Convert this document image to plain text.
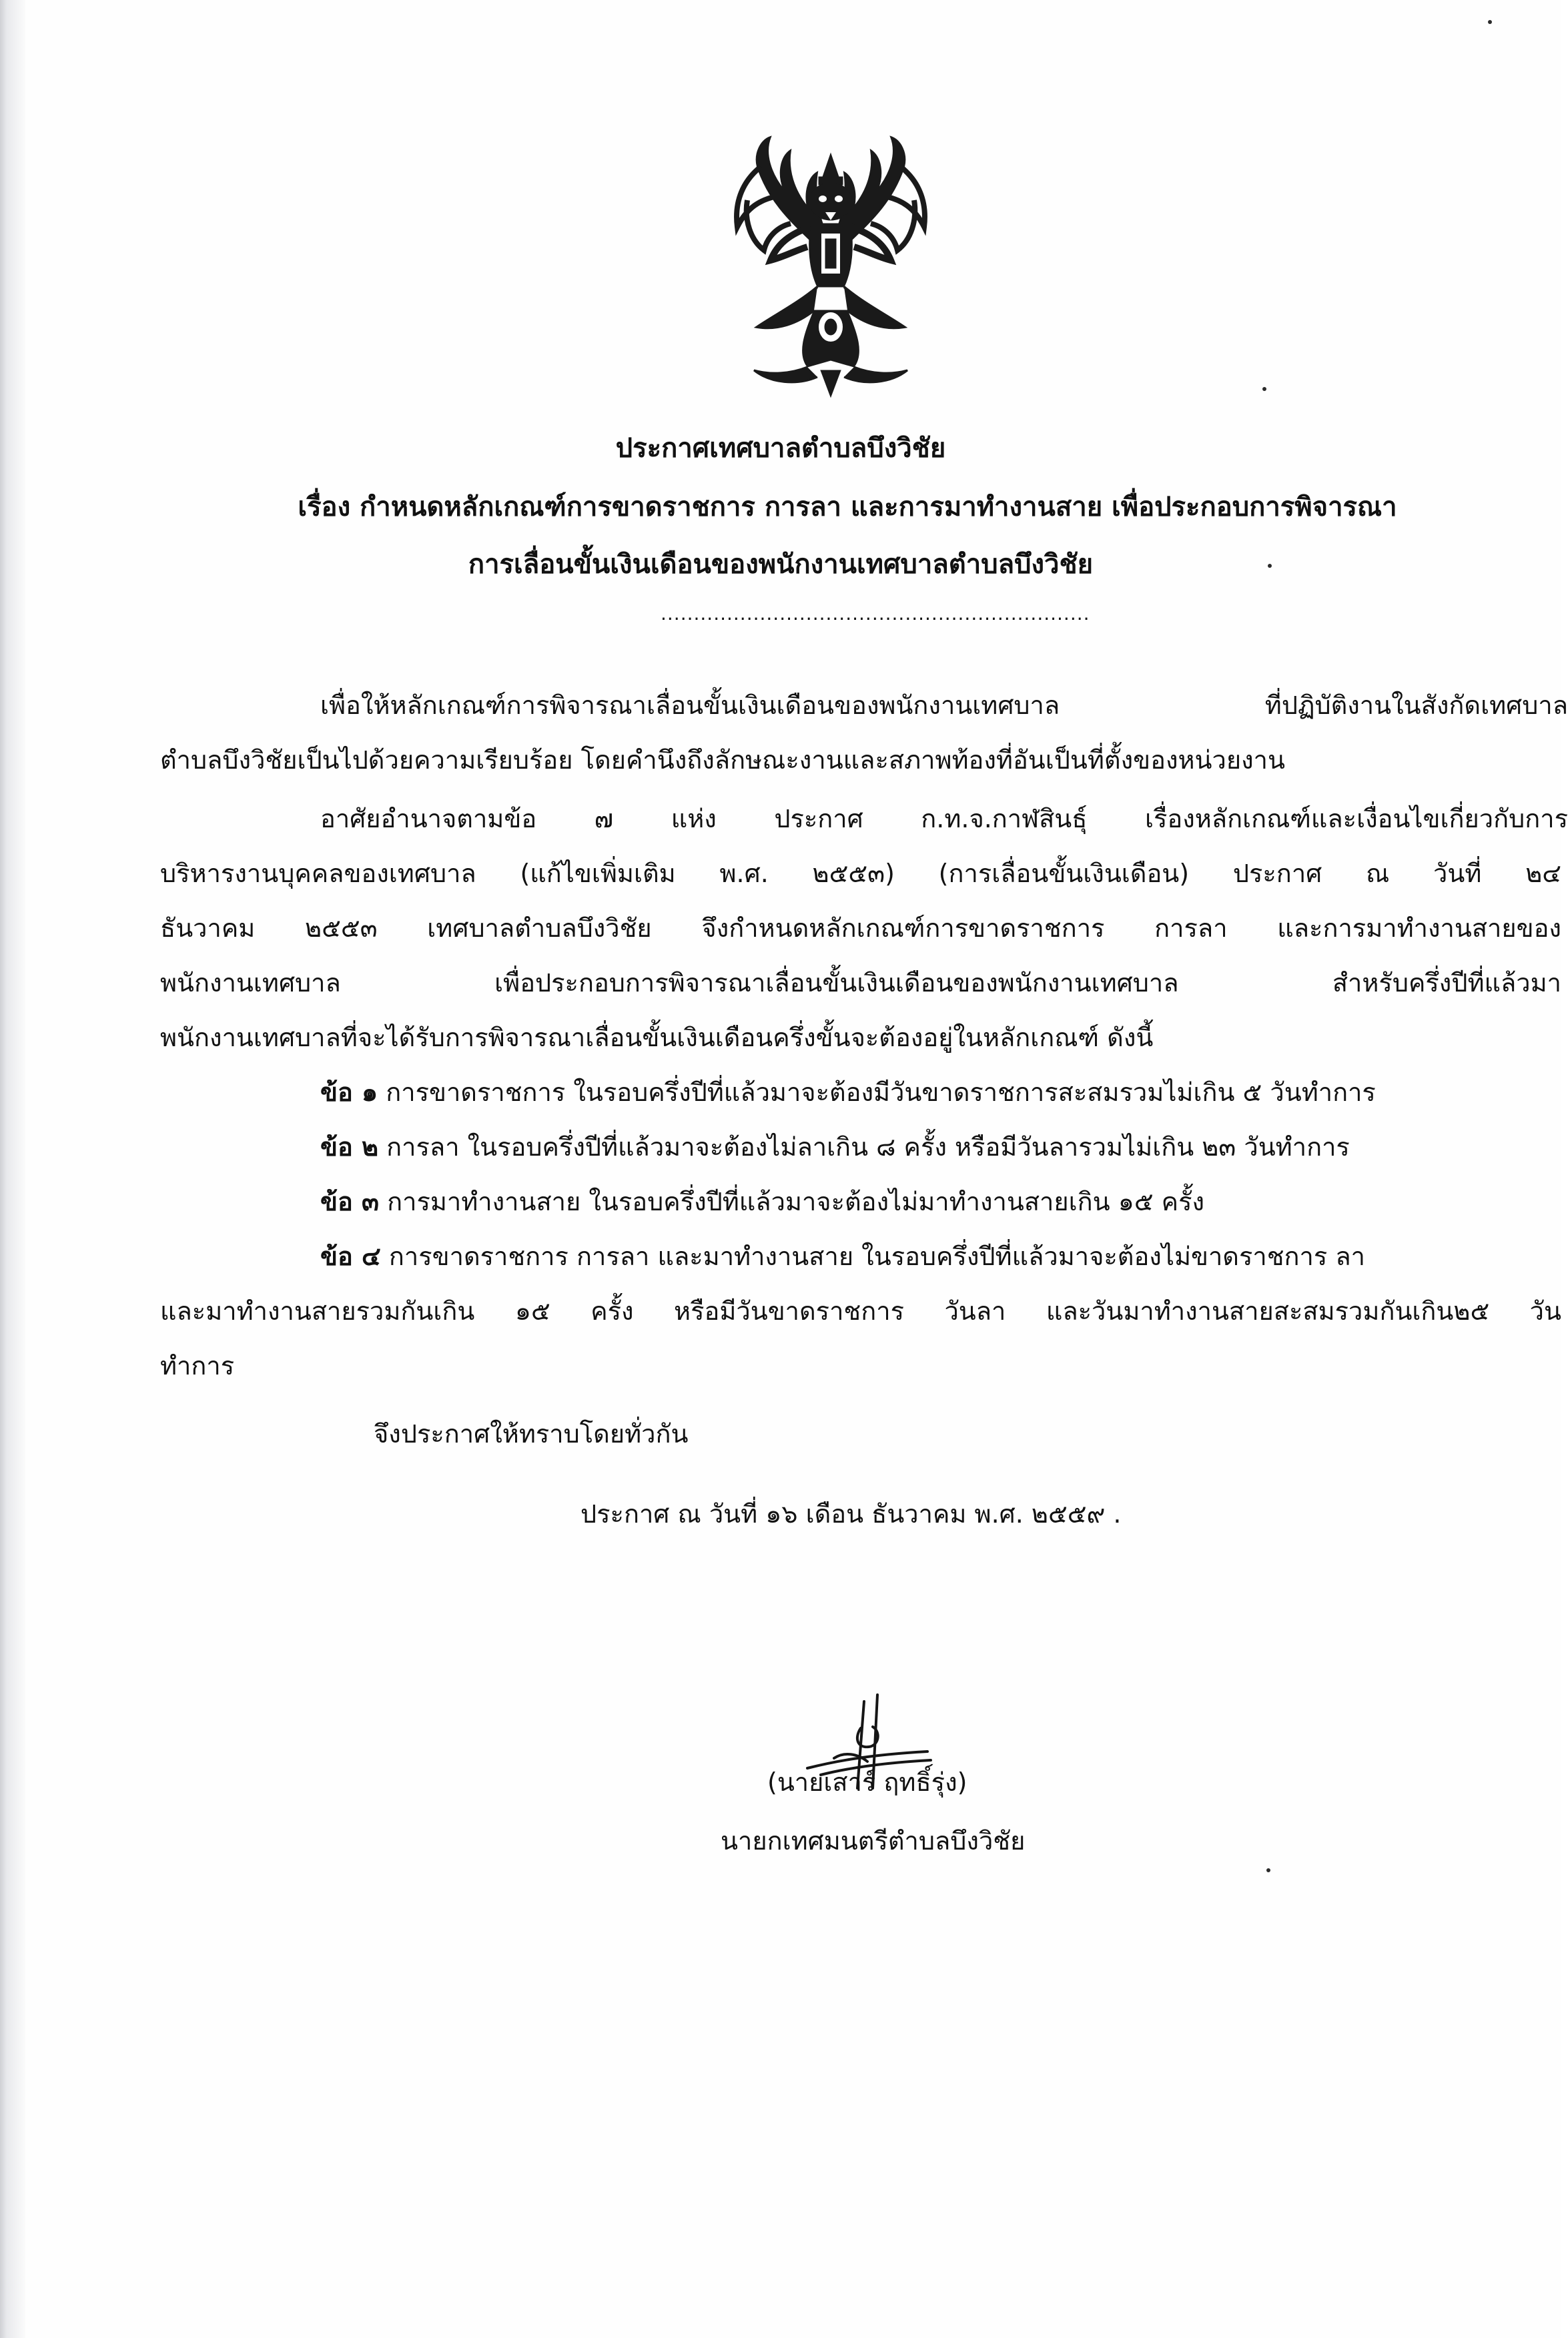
ประกาศเทศบาลตำบลบึงวิชัย
เรื่อง กำหนดหลักเกณฑ์การขาดราชการ การลา และการมาทำงานสาย เพื่อประกอบการพิจารณา
การเลื่อนขั้นเงินเดือนของพนักงานเทศบาลตำบลบึงวิชัย
.................................................................
เพื่อให้หลักเกณฑ์การพิจารณาเลื่อนขั้นเงินเดือนของพนักงานเทศบาล ที่ปฏิบัติงานในสังกัดเทศบาล
ตำบลบึงวิชัยเป็นไปด้วยความเรียบร้อย โดยคำนึงถึงลักษณะงานและสภาพท้องที่อันเป็นที่ตั้งของหน่วยงาน
อาศัยอำนาจตามข้อ ๗ แห่ง ประกาศ ก.ท.จ.กาฬสินธุ์ เรื่องหลักเกณฑ์และเงื่อนไขเกี่ยวกับการ
บริหารงานบุคคลของเทศบาล (แก้ไขเพิ่มเติม พ.ศ. ๒๕๕๓) (การเลื่อนขั้นเงินเดือน) ประกาศ ณ วันที่ ๒๔
ธันวาคม ๒๕๕๓ เทศบาลตำบลบึงวิชัย จึงกำหนดหลักเกณฑ์การขาดราชการ การลา และการมาทำงานสายของ
พนักงานเทศบาล เพื่อประกอบการพิจารณาเลื่อนขั้นเงินเดือนของพนักงานเทศบาล สำหรับครึ่งปีที่แล้วมา
พนักงานเทศบาลที่จะได้รับการพิจารณาเลื่อนขั้นเงินเดือนครึ่งขั้นจะต้องอยู่ในหลักเกณฑ์ ดังนี้
ข้อ ๑ การขาดราชการ ในรอบครึ่งปีที่แล้วมาจะต้องมีวันขาดราชการสะสมรวมไม่เกิน ๕ วันทำการ
ข้อ ๒ การลา ในรอบครึ่งปีที่แล้วมาจะต้องไม่ลาเกิน ๘ ครั้ง หรือมีวันลารวมไม่เกิน ๒๓ วันทำการ
ข้อ ๓ การมาทำงานสาย ในรอบครึ่งปีที่แล้วมาจะต้องไม่มาทำงานสายเกิน ๑๕ ครั้ง
ข้อ ๔ การขาดราชการ การลา และมาทำงานสาย ในรอบครึ่งปีที่แล้วมาจะต้องไม่ขาดราชการ ลา
และมาทำงานสายรวมกันเกิน ๑๕ ครั้ง หรือมีวันขาดราชการ วันลา และวันมาทำงานสายสะสมรวมกันเกิน๒๕ วัน
ทำการ
จึงประกาศให้ทราบโดยทั่วกัน
ประกาศ ณ วันที่ ๑๖ เดือน ธันวาคม พ.ศ. ๒๕๕๙ .
(นายเสาร์ ฤทธิ์รุ่ง)
นายกเทศมนตรีตำบลบึงวิชัย
